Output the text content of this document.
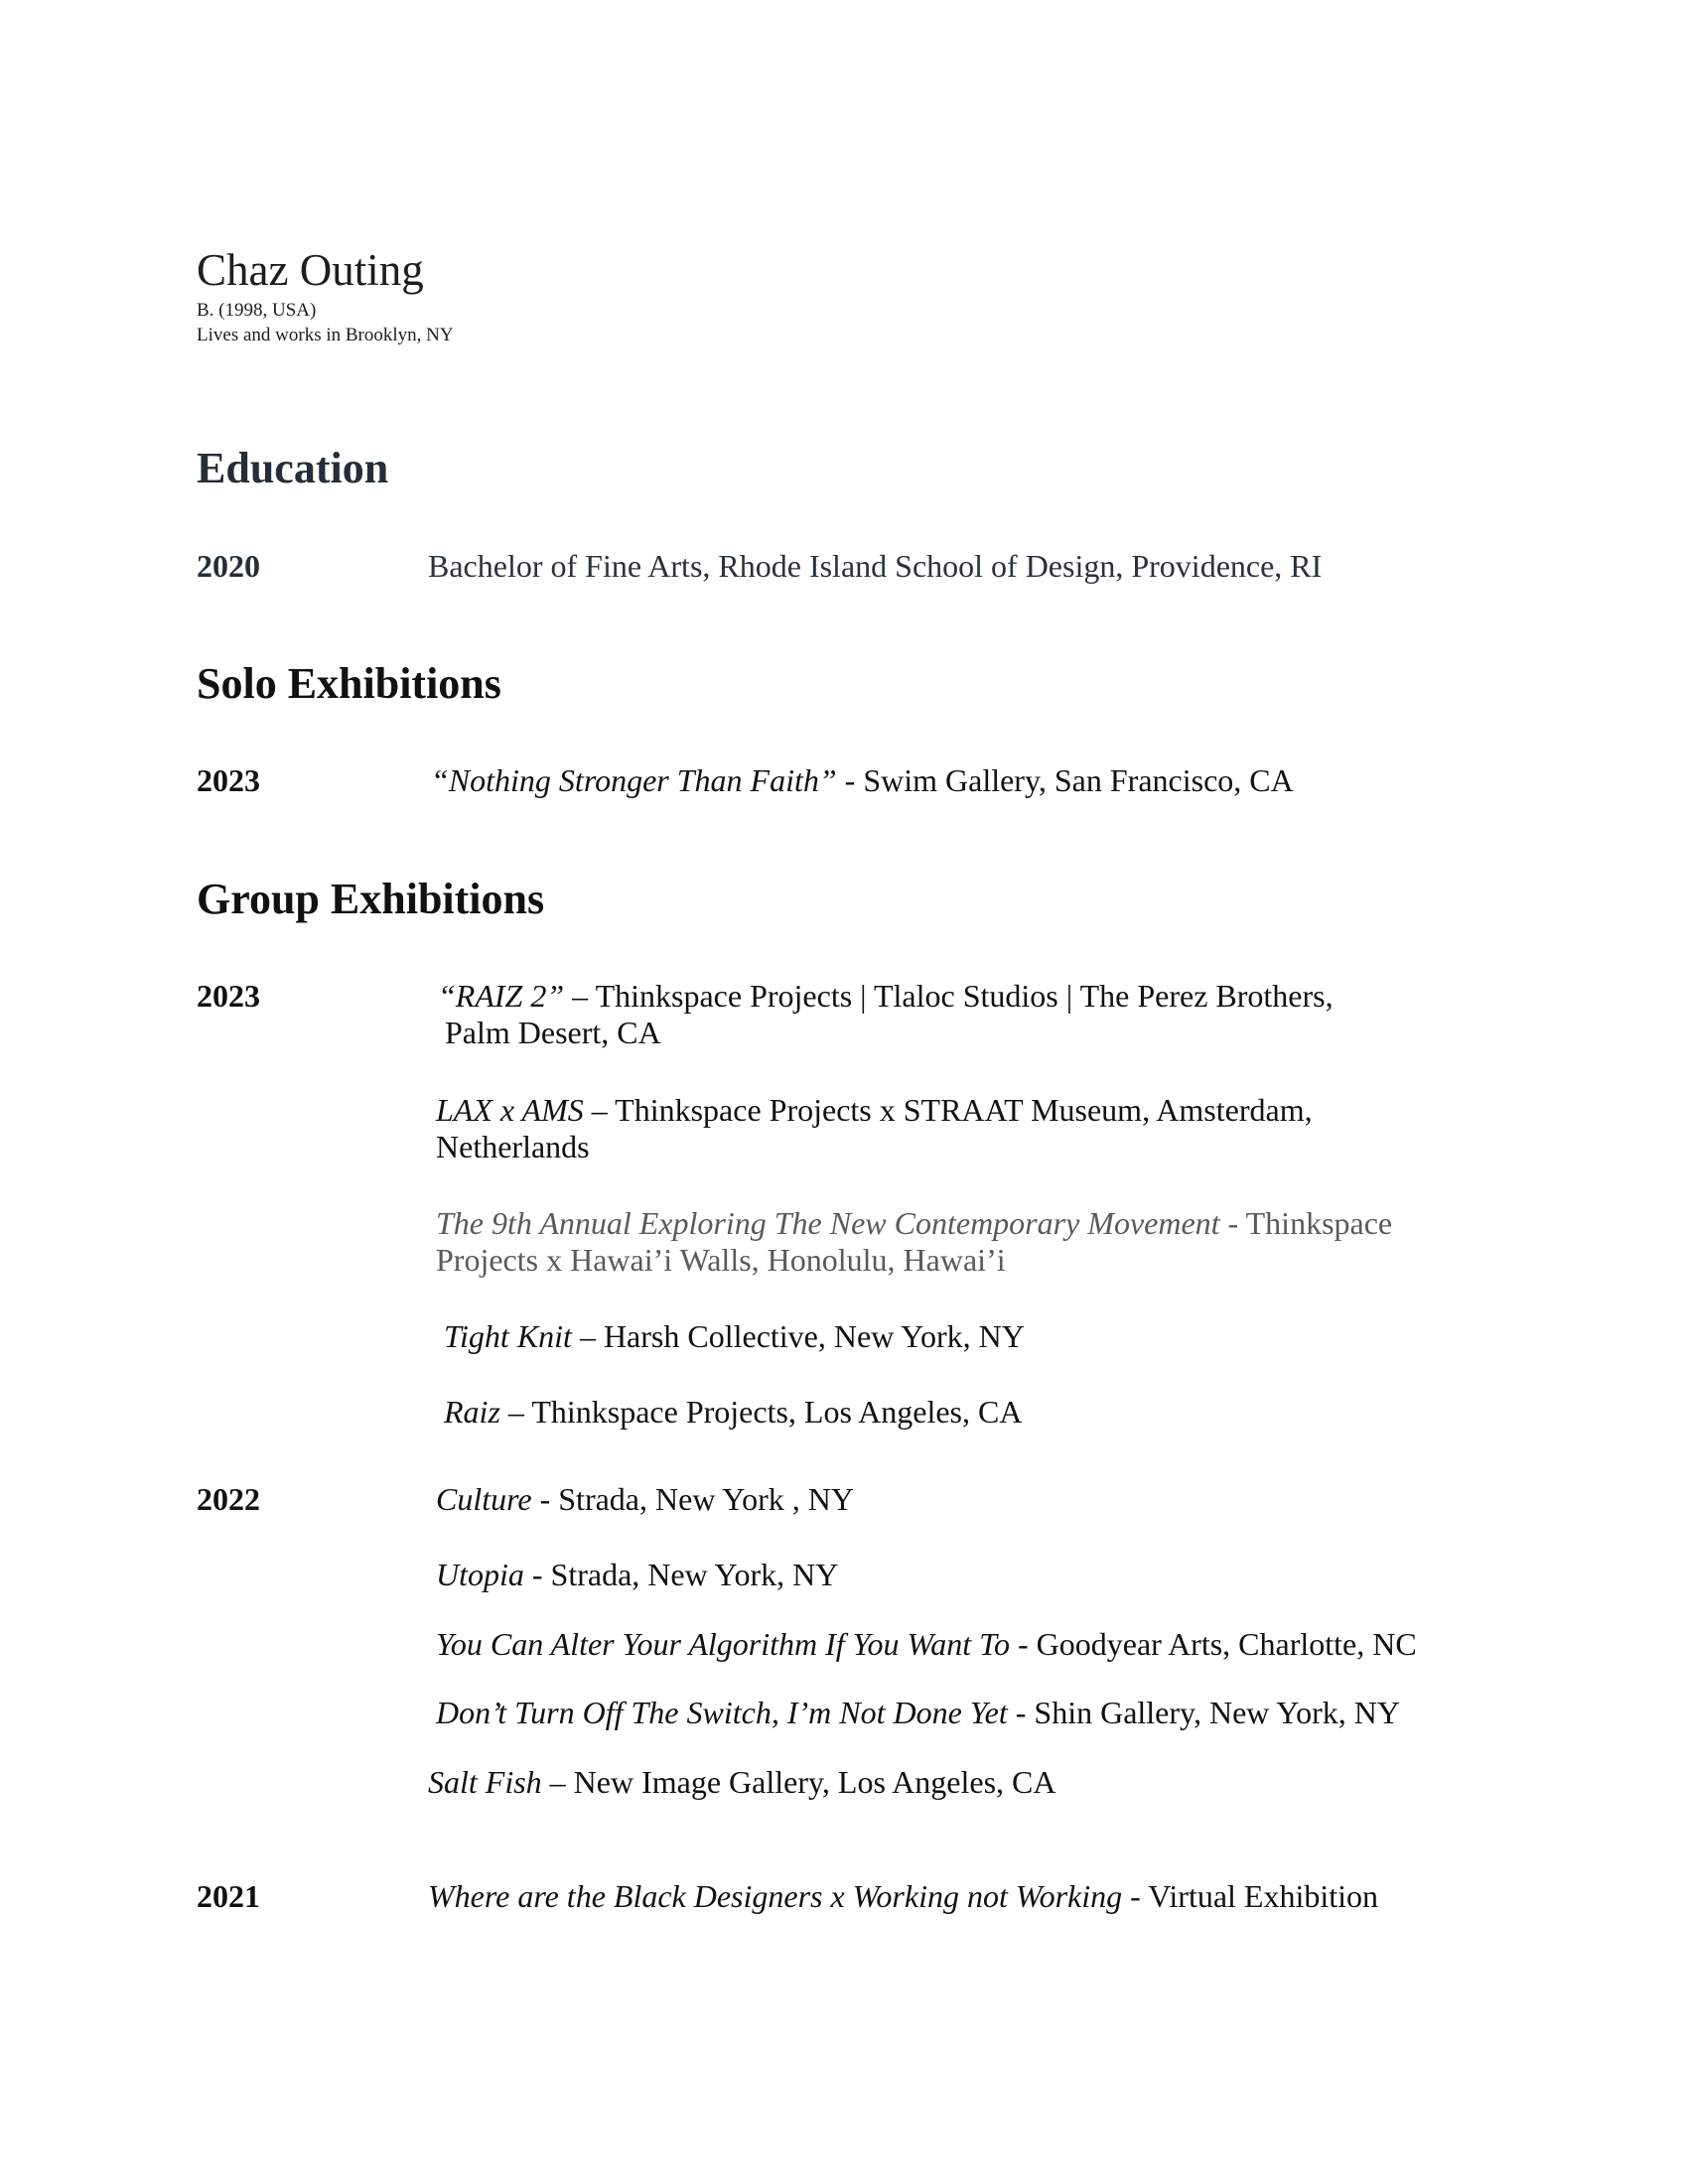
Chaz Outing
B. (1998, USA)
Lives and works in Brooklyn, NY
Education
2020	Bachelor of Fine Arts, Rhode Island School of Design, Providence, RI
Solo Exhibitions
2023	“Nothing Stronger Than Faith” - Swim Gallery, San Francisco, CA
Group Exhibitions
2023	“RAIZ 2” – Thinkspace Projects | Tlaloc Studios | The Perez Brothers,
Palm Desert, CA
LAX x AMS – Thinkspace Projects x STRAAT Museum, Amsterdam,
Netherlands
The 9th Annual Exploring The New Contemporary Movement - Thinkspace
Projects x Hawai’i Walls, Honolulu, Hawai’i
Tight Knit – Harsh Collective, New York, NY
Raiz – Thinkspace Projects, Los Angeles, CA
2022	Culture - Strada, New York , NY
Utopia - Strada, New York, NY
You Can Alter Your Algorithm If You Want To - Goodyear Arts, Charlotte, NC
Don’t Turn Off The Switch, I’m Not Done Yet - Shin Gallery, New York, NY
Salt Fish – New Image Gallery, Los Angeles, CA
2021	Where are the Black Designers x Working not Working - Virtual Exhibition
